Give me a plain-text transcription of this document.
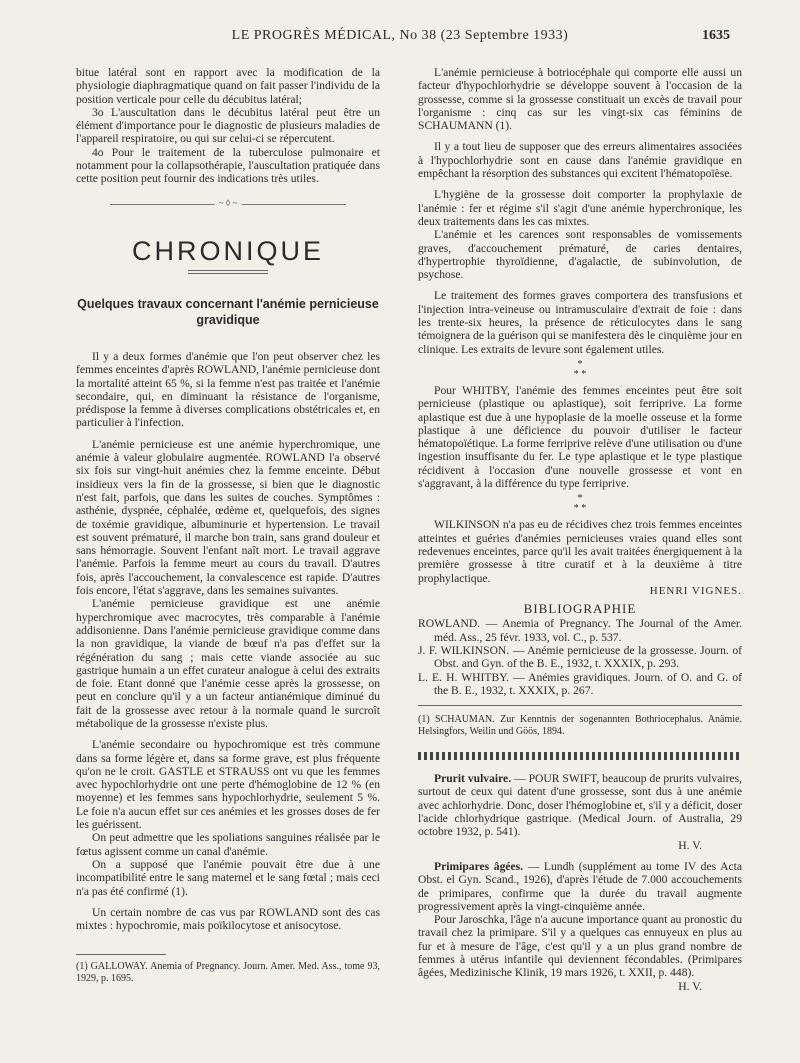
LE PROGRÈS MÉDICAL, No 38 (23 Septembre 1933)	1635

bitue latéral sont en rapport avec la modification de la physiologie diaphragmatique quand on fait passer l'individu de la position verticale pour celle du décubitus latéral;

3o L'auscultation dans le décubitus latéral peut être un élément d'importance pour le diagnostic de plusieurs maladies de l'appareil respiratoire, ou qui sur celui-ci se répercutent.

4o Pour le traitement de la tuberculose pulmonaire et notamment pour la collapsothérapie, l'auscultation pratiquée dans cette position peut fournir des indications très utiles.

~ ◊ ~
CHRONIQUE
Quelques travaux concernant l'anémie pernicieuse gravidique

Il y a deux formes d'anémie que l'on peut observer chez les femmes enceintes d'après ROWLAND, l'anémie pernicieuse dont la mortalité atteint 65 %, si la femme n'est pas traitée et l'anémie secondaire, qui, en diminuant la résistance de l'organisme, prédispose la femme à diverses complications obstétricales et, en particulier à l'infection.

L'anémie pernicieuse est une anémie hyperchromique, une anémie à valeur globulaire augmentée. ROWLAND l'a observé six fois sur vingt-huit anémies chez la femme enceinte. Début insidieux vers la fin de la grossesse, si bien que le diagnostic n'est fait, parfois, que dans les suites de couches. Symptômes : asthénie, dyspnée, céphalée, œdème et, quelquefois, des signes de toxémie gravidique, albuminurie et hypertension. Le travail est souvent prématuré, il marche bon train, sans grand douleur et sans hémorragie. Souvent l'enfant naît mort. Le travail aggrave l'anémie. Parfois la femme meurt au cours du travail. D'autres fois, après l'accouchement, la convalescence est rapide. D'autres fois encore, l'état s'aggrave, dans les semaines suivantes.

L'anémie pernicieuse gravidique est une anémie hyperchromique avec macrocytes, très comparable à l'anémie addisonienne. Dans l'anémie pernicieuse gravidique comme dans la non gravidique, la viande de bœuf n'a pas d'effet sur la régénération du sang ; mais cette viande associée au suc gastrique humain a un effet curateur analogue à celui des extraits de foie. Etant donné que l'anémie cesse après la grossesse, on peut en conclure qu'il y a un facteur antianémique diminué du fait de la grossesse avec retour à la normale quand le surcroît métabolique de la grossesse n'existe plus.

L'anémie secondaire ou hypochromique est très commune dans sa forme légère et, dans sa forme grave, est plus fréquente qu'on ne le croit. GASTLE et STRAUSS ont vu que les femmes avec hypochlorhydrie ont une perte d'hémoglobine de 12 % (en moyenne) et les femmes sans hypochlorhydrie, seulement 5 %. Le foie n'a aucun effet sur ces anémies et les grosses doses de fer les guérissent.

On peut admettre que les spoliations sanguines réalisée par le fœtus agissent comme un canal d'anémie.

On a supposé que l'anémie pouvait être due à une incompatibilité entre le sang maternel et le sang fœtal ; mais ceci n'a pas été confirmé (1).

Un certain nombre de cas vus par ROWLAND sont des cas mixtes : hypochromie, mais poïkilocytose et anisocytose.

(1) GALLOWAY. Anemia of Pregnancy. Journ. Amer. Med. Ass., tome 93, 1929, p. 1695.

L'anémie pernicieuse à botriocéphale qui comporte elle aussi un facteur d'hypochlorhydrie se développe souvent à l'occasion de la grossesse, comme si la grossesse constituait un excès de travail pour l'organisme : cinq cas sur les vingt-six cas féminins de SCHAUMANN (1).

Il y a tout lieu de supposer que des erreurs alimentaires associées à l'hypochlorhydrie sont en cause dans l'anémie gravidique en empêchant la résorption des substances qui excitent l'hématopoïèse.

L'hygiène de la grossesse doit comporter la prophylaxie de l'anémie : fer et régime s'il s'agit d'une anémie hyperchronique, les deux traitements dans les cas mixtes.

L'anémie et les carences sont responsables de vomissements graves, d'accouchement prématuré, de caries dentaires, d'hypertrophie thyroïdienne, d'agalactie, de subinvolution, de psychose.

Le traitement des formes graves comportera des transfusions et l'injection intra-veineuse ou intramusculaire d'extrait de foie : dans les trente-six heures, la présence de réticulocytes dans le sang témoignera de la guérison qui se manifestera dès le cinquième jour en clinique. Les extraits de levure sont également utiles.

*
* *

Pour WHITBY, l'anémie des femmes enceintes peut être soit pernicieuse (plastique ou aplastique), soit ferriprive. La forme aplastique est due à une hypoplasie de la moelle osseuse et la forme plastique à une déficience du pouvoir d'utiliser le facteur hématopoïétique. La forme ferriprive relève d'une utilisation ou d'une ingestion insuffisante du fer. Le type aplastique et le type plastique récidivent à l'occasion d'une nouvelle grossesse et vont en s'aggravant, à la différence du type ferriprive.

*
* *

WILKINSON n'a pas eu de récidives chez trois femmes enceintes atteintes et guéries d'anémies pernicieuses vraies quand elles sont redevenues enceintes, parce qu'il les avait traitées énergiquement à la première grossesse à titre curatif et à la deuxième à titre prophylactique.

HENRI VIGNES.
BIBLIOGRAPHIE

ROWLAND. — Anemia of Pregnancy. The Journal of the Amer. méd. Ass., 25 févr. 1933, vol. C., p. 537.

J. F. WILKINSON. — Anémie pernicieuse de la grossesse. Journ. of Obst. and Gyn. of the B. E., 1932, t. XXXIX, p. 293.

L. E. H. WHITBY. — Anémies gravidiques. Journ. of O. and G. of the B. E., 1932, t. XXXIX, p. 267.

(1) SCHAUMAN. Zur Kenntnis der sogenannten Bothriocephalus. Anämie. Helsingfors, Weilin und Göös, 1894.

Prurit vulvaire. — POUR SWIFT, beaucoup de prurits vulvaires, surtout de ceux qui datent d'une grossesse, sont dus à une anémie avec achlorhydrie. Donc, doser l'hémoglobine et, s'il y a déficit, doser l'acide chlorhydrique gastrique. (Medical Journ. of Australia, 29 octobre 1932, p. 541).

H. V.

Primipares âgées. — Lundh (supplément au tome IV des Acta Obst. el Gyn. Scand., 1926), d'après l'étude de 7.000 accouchements de primipares, confirme que la durée du travail augmente progressivement après la vingt-cinquième année.

Pour Jaroschka, l'âge n'a aucune importance quant au pronostic du travail chez la primipare. S'il y a quelques cas ennuyeux en plus au fur et à mesure de l'âge, c'est qu'il y a un plus grand nombre de femmes à utérus infantile qui deviennent fécondables. (Primipares âgées, Medizinische Klinik, 19 mars 1926, t. XXII, p. 448).

H. V.
